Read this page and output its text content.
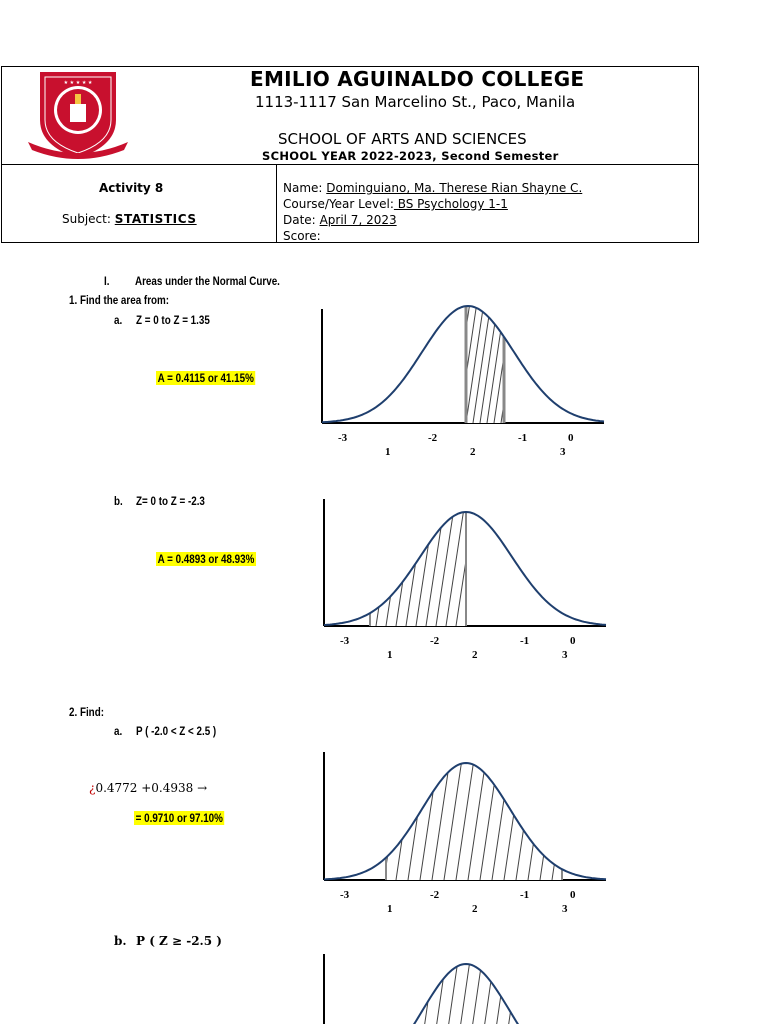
★ ★ ★ ★ ★	EMILIO AGUINALDO COLLEGE
1113-1117 San Marcelino St., Paco, Manila
SCHOOL OF ARTS AND SCIENCES
SCHOOL YEAR 2022-2023, Second Semester
Activity 8
Subject: STATISTICS
Name: Dominguiano, Ma. Therese Rian Shayne C.
Course/Year Level: BS Psychology 1-1
Date: April 7, 2023
Score: _______________
I. Areas under the Normal Curve.
1. Find the area from:
a. Z = 0 to Z = 1.35
A = 0.4115 or 41.15%
b. Z= 0 to Z = -2.3
A = 0.4893 or 48.93%
2. Find:
a. P ( -2.0 < Z < 2.5 )
¿0.4772 +0.4938 →
= 0.9710 or 97.10%
b. P ( Z ≥ -2.5 )
-3	-2	-1	0
1	2	3
-3	-2	-1	0
1	2	3
-3	-2	-1	0
1	2	3
